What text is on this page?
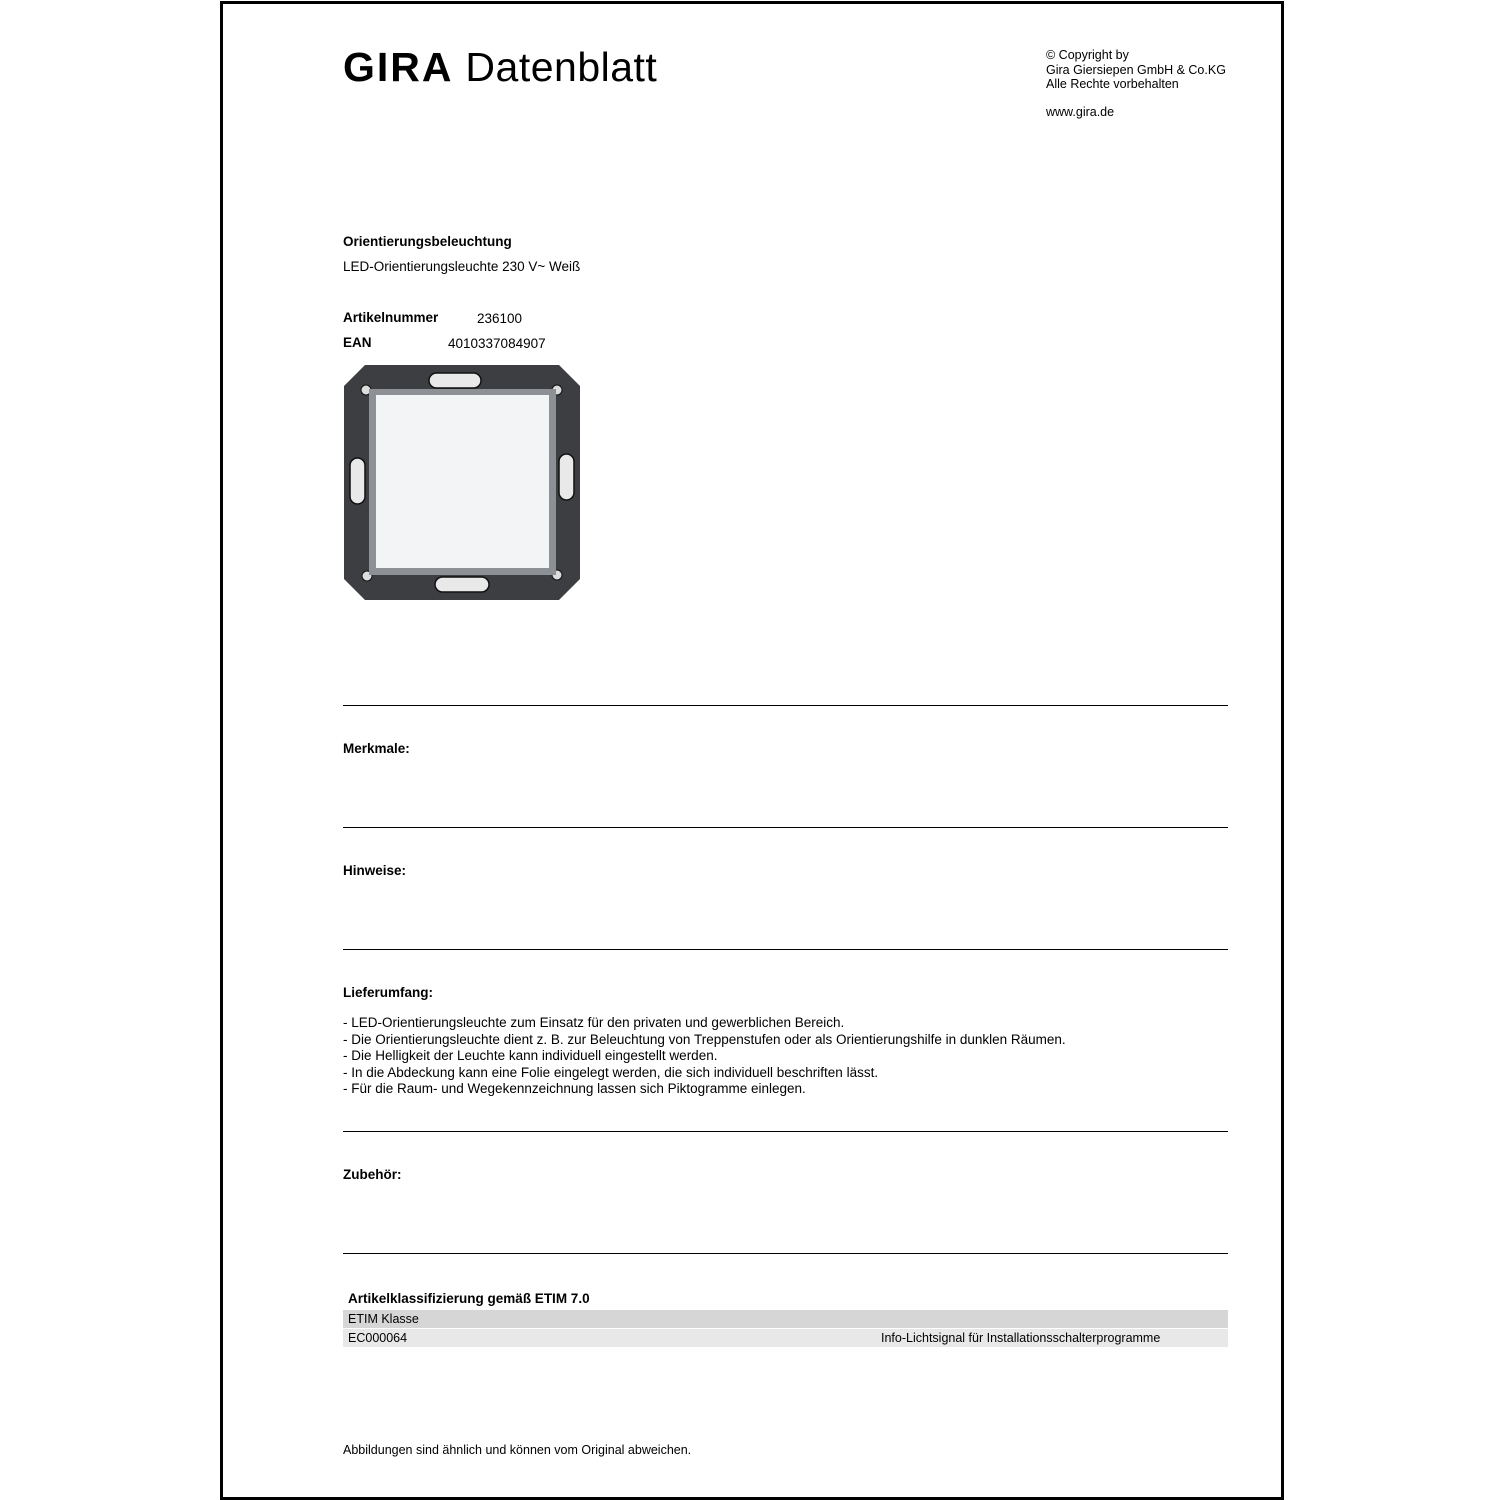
GIRA Datenblatt	© Copyright by
Gira Giersiepen GmbH & Co.KG
Alle Rechte vorbehalten
www.gira.de
Orientierungsbeleuchtung
LED-Orientierungsleuchte 230 V~ Weiß
Artikelnummer	236100
EAN	4010337084907
Merkmale:
Hinweise:
Lieferumfang:
- LED-Orientierungsleuchte zum Einsatz für den privaten und gewerblichen Bereich.
- Die Orientierungsleuchte dient z. B. zur Beleuchtung von Treppenstufen oder als Orientierungshilfe in dunklen Räumen.
- Die Helligkeit der Leuchte kann individuell eingestellt werden.
- In die Abdeckung kann eine Folie eingelegt werden, die sich individuell beschriften lässt.
- Für die Raum- und Wegekennzeichnung lassen sich Piktogramme einlegen.
Zubehör:
Artikelklassifizierung gemäß ETIM 7.0
ETIM Klasse
EC000064	Info-Lichtsignal für Installationsschalterprogramme
Abbildungen sind ähnlich und können vom Original abweichen.
